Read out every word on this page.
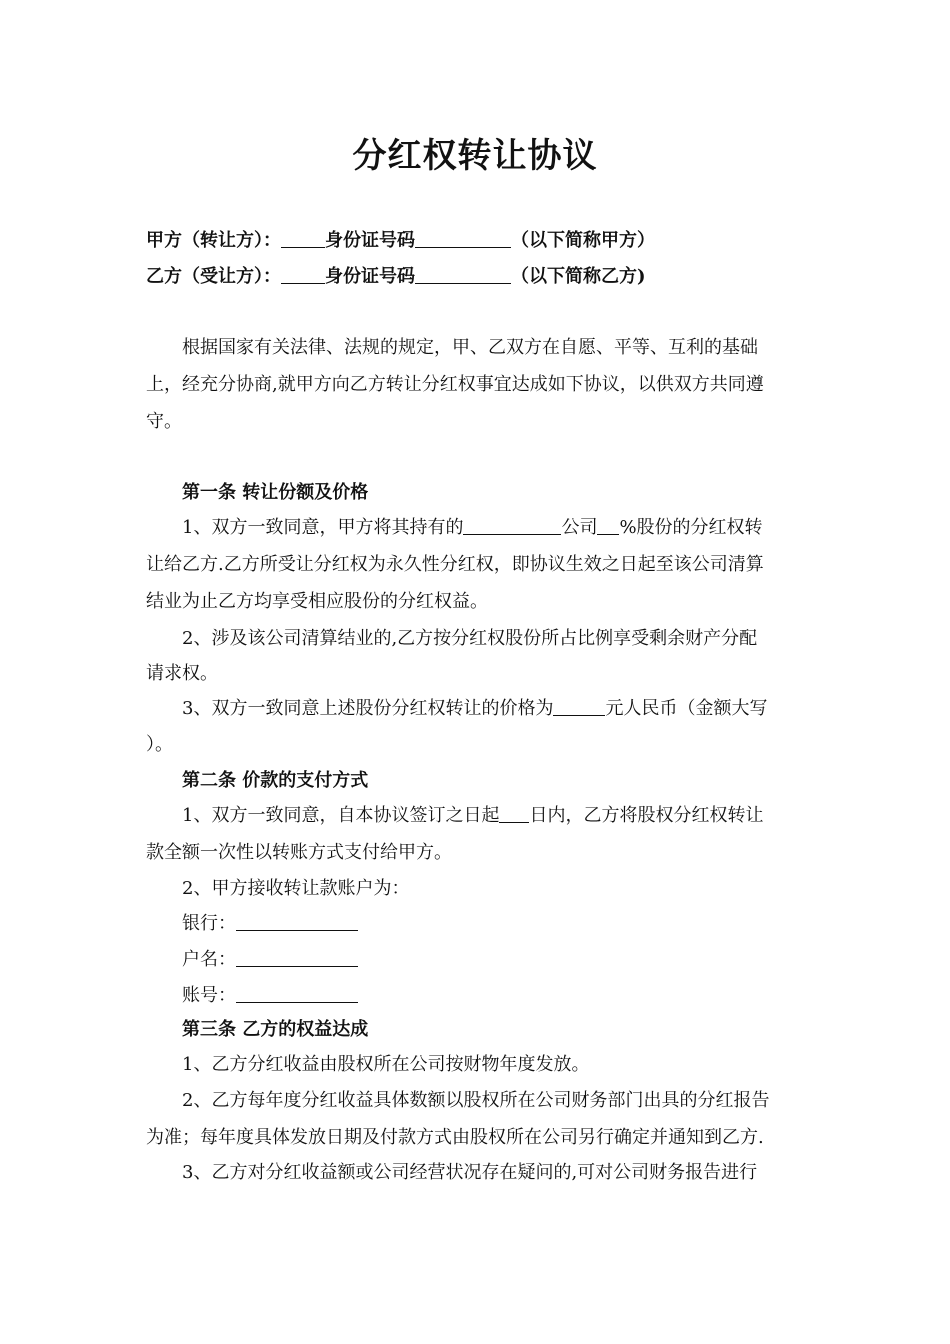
分红权转让协议
甲方（转让方）： 身份证号码	（以下简称甲方）
乙方（受让方）： 身份证号码	（以下简称乙方)
根据国家有关法律、法规的规定，甲、乙双方在自愿、平等、互利的基础
上，经充分协商,就甲方向乙方转让分红权事宜达成如下协议，以供双方共同遵
守。
第一条 转让份额及价格
1、双方一致同意，甲方将其持有的	公司 %股份的分红权转
让给乙方.乙方所受让分红权为永久性分红权，即协议生效之日起至该公司清算
结业为止乙方均享受相应股份的分红权益。
2、涉及该公司清算结业的,乙方按分红权股份所占比例享受剩余财产分配
请求权。
3、双方一致同意上述股份分红权转让的价格为	元人民币（金额大写
）。
第二条 价款的支付方式
1、双方一致同意，自本协议签订之日起 日内，乙方将股权分红权转让
款全额一次性以转账方式支付给甲方。
2、甲方接收转让款账户为：
银行：
户名：
账号：
第三条 乙方的权益达成
1、乙方分红收益由股权所在公司按财物年度发放。
2、乙方每年度分红收益具体数额以股权所在公司财务部门出具的分红报告
为准；每年度具体发放日期及付款方式由股权所在公司另行确定并通知到乙方.
3、乙方对分红收益额或公司经营状况存在疑问的,可对公司财务报告进行
